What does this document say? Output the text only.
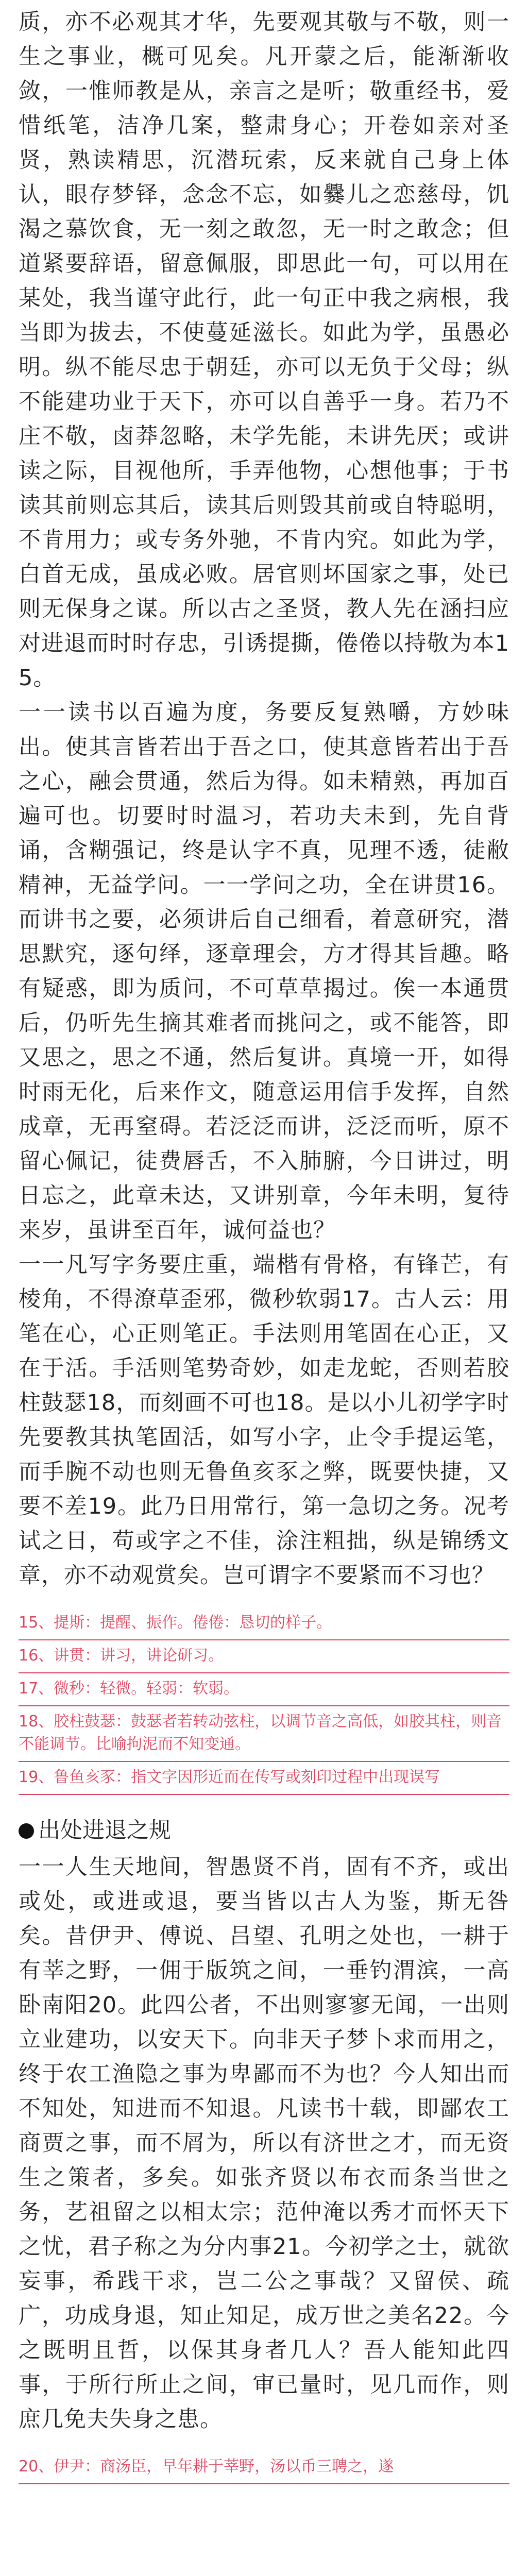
质，亦不必观其才华，先要观其敬与不敬，则一生之事业，概可见矣。凡开蒙之后，能渐渐收敛，一惟师教是从，亲言之是听；敬重经书，爱惜纸笔，洁净几案，整肃身心；开卷如亲对圣贤，熟读精思，沉潜玩索，反来就自己身上体认，眼存梦铎，念念不忘，如爨儿之恋慈母，饥渴之慕饮食，无一刻之敢忽，无一时之敢念；但道紧要辞语，留意佩服，即思此一句，可以用在某处，我当谨守此行，此一句正中我之病根，我当即为拔去，不使蔓延滋长。如此为学，虽愚必明。纵不能尽忠于朝廷，亦可以无负于父母；纵不能建功业于天下，亦可以自善乎一身。若乃不庄不敬，卤莽忽略，未学先能，未讲先厌；或讲读之际，目视他所，手弄他物，心想他事；于书读其前则忘其后，读其后则毁其前或自特聪明，不肯用力；或专务外驰，不肯内究。如此为学，白首无成，虽成必败。居官则坏国家之事，处已则无保身之谋。所以古之圣贤，教人先在涵扫应对进退而时时存忠，引诱提撕，倦倦以持敬为本15。

一一读书以百遍为度，务要反复熟嚼，方妙味出。使其言皆若出于吾之口，使其意皆若出于吾之心，融会贯通，然后为得。如未精熟，再加百遍可也。切要时时温习，若功夫未到，先自背诵，含糊强记，终是认字不真，见理不透，徒敝精神，无益学问。一一学问之功，全在讲贯16。而讲书之要，必须讲后自己细看，着意研究，潜思默究，逐句绎，逐章理会，方才得其旨趣。略有疑惑，即为质问，不可草草揭过。俟一本通贯后，仍听先生摘其难者而挑问之，或不能答，即又思之，思之不通，然后复讲。真境一开，如得时雨无化，后来作文，随意运用信手发挥，自然成章，无再窒碍。若泛泛而讲，泛泛而听，原不留心佩记，徒费唇舌，不入肺腑，今日讲过，明日忘之，此章未达，又讲别章，今年未明，复待来岁，虽讲至百年，诚何益也？

一一凡写字务要庄重，端楷有骨格，有锋芒，有棱角，不得潦草歪邪，微秒软弱17。古人云：用笔在心，心正则笔正。手法则用笔固在心正，又在于活。手活则笔势奇妙，如走龙蛇，否则若胶柱鼓瑟18，而刻画不可也18。是以小儿初学字时先要教其执笔固活，如写小字，止令手提运笔，而手腕不动也则无鲁鱼亥豕之弊，既要快捷，又要不差19。此乃日用常行，第一急切之务。况考试之日，苟或字之不佳，涂注粗拙，纵是锦绣文章，亦不动观赏矣。岂可谓字不要紧而不习也？

15、提斯：提醒、振作。倦倦：恳切的样子。

16、讲贯：讲习，讲论研习。

17、微秒：轻微。轻弱：软弱。

18、胶柱鼓瑟：鼓瑟者若转动弦柱，以调节音之高低，如胶其柱，则音不能调节。比喻拘泥而不知变通。

19、鲁鱼亥豕：指文字因形近而在传写或刻印过程中出现误写

出处进退之规

一一人生天地间，智愚贤不肖，固有不齐，或出或处，或进或退，要当皆以古人为鉴，斯无咎矣。昔伊尹、傅说、吕望、孔明之处也，一耕于有莘之野，一佣于版筑之间，一垂钓渭滨，一高卧南阳20。此四公者，不出则寥寥无闻，一出则立业建功，以安天下。向非天子梦卜求而用之，终于农工渔隐之事为卑鄙而不为也？今人知出而不知处，知进而不知退。凡读书十载，即鄙农工商贾之事，而不屑为，所以有济世之才，而无资生之策者，多矣。如张齐贤以布衣而条当世之务，艺祖留之以相太宗；范仲淹以秀才而怀天下之忧，君子称之为分内事21。今初学之士，就欲妄事，希践干求，岂二公之事哉？又留侯、疏广，功成身退，知止知足，成万世之美名22。今之既明且哲，以保其身者几人？吾人能知此四事，于所行所止之间，审已量时，见几而作，则庶几免夫失身之患。

20、伊尹：商汤臣，早年耕于莘野，汤以币三聘之，遂
